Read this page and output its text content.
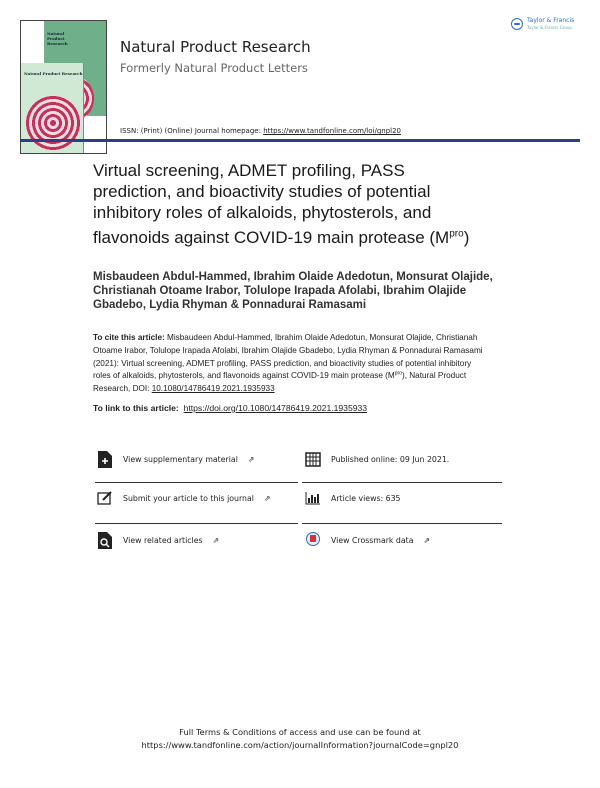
Natural
Product
Research
Natural Product Research
Natural Product Research
Formerly Natural Product Letters
ISSN: (Print) (Online) Journal homepage: https://www.tandfonline.com/loi/gnpl20
Taylor & Francis
Taylor & Francis Group
Virtual screening, ADMET profiling, PASS
prediction, and bioactivity studies of potential
inhibitory roles of alkaloids, phytosterols, and
flavonoids against COVID-19 main protease $(M^{pro})$
Misbaudeen Abdul-Hammed, Ibrahim Olaide Adedotun, Monsurat Olajide,
Christianah Otoame Irabor, Tolulope Irapada Afolabi, Ibrahim Olajide
Gbadebo, Lydia Rhyman & Ponnadurai Ramasami
To cite this article: Misbaudeen Abdul-Hammed, Ibrahim Olaide Adedotun, Monsurat Olajide, Christianah Otoame Irabor, Tolulope Irapada Afolabi, Ibrahim Olajide Gbadebo, Lydia Rhyman & Ponnadurai Ramasami (2021): Virtual screening, ADMET profiling, PASS prediction, and bioactivity studies of potential inhibitory roles of alkaloids, phytosterols, and flavonoids against COVID-19 main protease $(M^{pro})$, Natural Product Research, DOI: 10.1080/14786419.2021.1935933
To link to this article: https://doi.org/10.1080/14786419.2021.1935933
View supplementary material ⇗	Published online: 09 Jun 2021.
Submit your article to this journal ⇗	Article views: 635
View related articles ⇗	View Crossmark data ⇗
Full Terms & Conditions of access and use can be found at
https://www.tandfonline.com/action/journalInformation?journalCode=gnpl20
